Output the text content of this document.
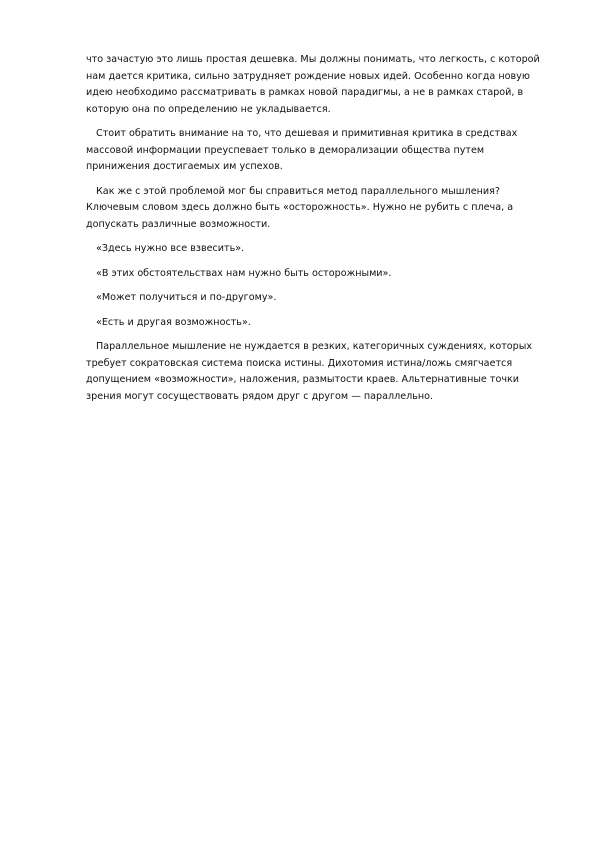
что зачастую это лишь простая дешевка. Мы должны понимать, что легкость, с которой нам дается критика, сильно затрудняет рождение новых идей. Особенно когда новую идею необходимо рассматривать в рамках новой парадигмы, а не в рамках старой, в которую она по определению не укладывается.

Стоит обратить внимание на то, что дешевая и примитивная критика в средствах массовой информации преуспевает только в деморализации общества путем принижения достигаемых им успехов.

Как же с этой проблемой мог бы справиться метод параллельного мышления? Ключевым словом здесь должно быть «осторожность». Нужно не рубить с плеча, а допускать различные возможности.

«Здесь нужно все взвесить».

«В этих обстоятельствах нам нужно быть осторожными».

«Может получиться и по-другому».

«Есть и другая возможность».

Параллельное мышление не нуждается в резких, категоричных суждениях, которых требует сократовская система поиска истины. Дихотомия истина/ложь смягчается допущением «возможности», наложения, размытости краев. Альтернативные точки зрения могут сосуществовать рядом друг с другом — параллельно.
